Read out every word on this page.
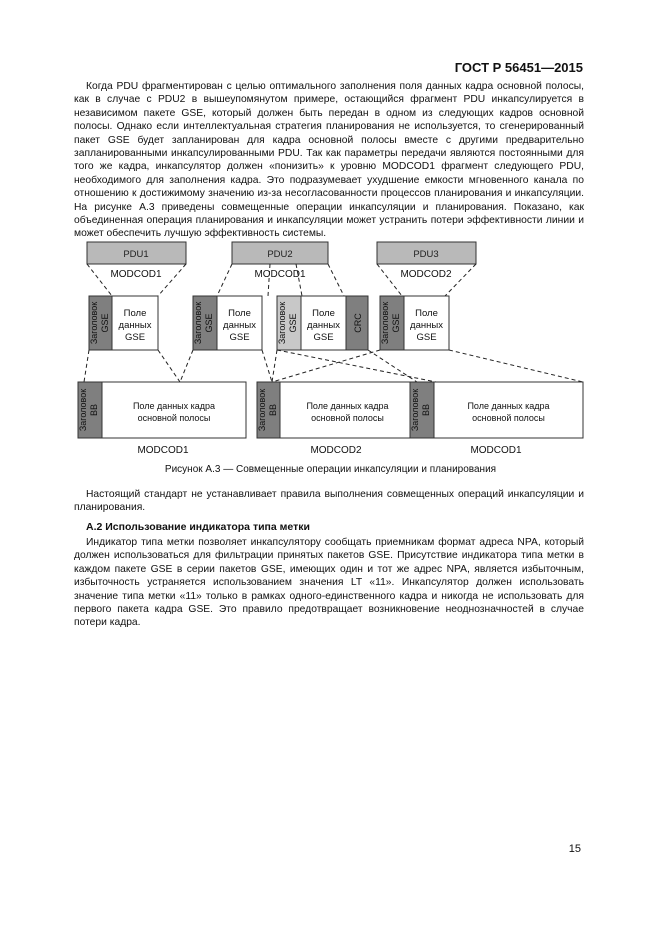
ГОСТ Р 56451—2015

Когда PDU фрагментирован с целью оптимального заполнения поля данных кадра основной полосы, как в случае с PDU2 в вышеупомянутом примере, остающийся фрагмент PDU инкапсулируется в независимом пакете GSE, который должен быть передан в одном из следующих кадров основной полосы. Однако если интеллектуальная стратегия планирования не используется, то сгенерированный пакет GSE будет запланирован для кадра основной полосы вместе с другими предварительно запланированными инкапсулированными PDU. Так как параметры передачи являются постоянными для того же кадра, инкапсулятор должен «понизить» к уровню MODCOD1 фрагмент следующего PDU, необходимого для заполнения кадра. Это подразумевает ухудшение емкости мгновенного канала по отношению к достижимому значению из-за несогласованности процессов планирования и инкапсуляции. На рисунке А.3 приведены совмещенные операции инкапсуляции и планирования. Показано, как объединенная операция планирования и инкапсуляции может устранить потери эффективности линии и может обеспечить лучшую эффективность системы.

PDU1	PDU2	PDU3
MODCOD1	MODCOD1	MODCOD2
Заголовок GSE Поле
данных
GSE	Заголовок GSE Поле
данных
GSE	Заголовок GSE Поле
данных
GSE
CRC Заголовок GSE Поле
данных
GSE
Заголовок BB	Поле данных кадра
основной полосы	Заголовок BB	Поле данных кадра
основной полосы	Заголовок BB	Поле данных кадра
основной полосы
MODCOD1	MODCOD2	MODCOD1
Рисунок А.3 — Совмещенные операции инкапсуляции и планирования

Настоящий стандарт не устанавливает правила выполнения совмещенных операций инкапсуляции и планирования.

А.2 Использование индикатора типа метки

Индикатор типа метки позволяет инкапсулятору сообщать приемникам формат адреса NPA, который должен использоваться для фильтрации принятых пакетов GSE. Присутствие индикатора типа метки в каждом пакете GSE в серии пакетов GSE, имеющих один и тот же адрес NPA, является избыточным, избыточность устраняется использованием значения LT «11». Инкапсулятор должен использовать значение типа метки «11» только в рамках одного-единственного кадра и никогда не использовать для первого пакета кадра GSE. Это правило предотвращает возникновение неоднозначностей в случае потери кадра.

15
